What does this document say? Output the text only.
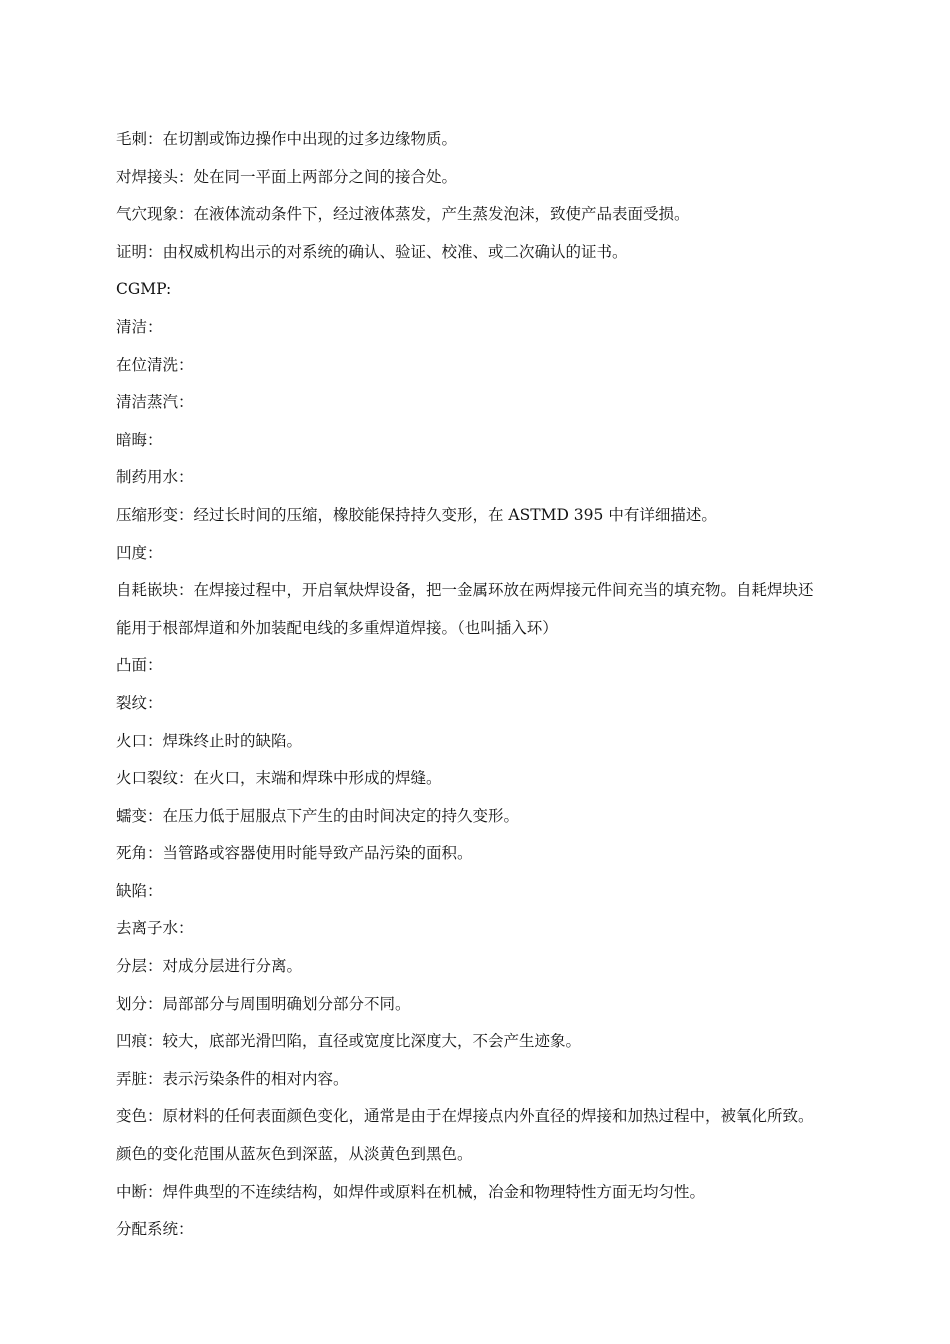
毛刺：在切割或饰边操作中出现的过多边缘物质。

对焊接头：处在同一平面上两部分之间的接合处。

气穴现象：在液体流动条件下，经过液体蒸发，产生蒸发泡沫，致使产品表面受损。

证明：由权威机构出示的对系统的确认、验证、校准、或二次确认的证书。

CGMP:

清洁：

在位清洗：

清洁蒸汽：

暗晦：

制药用水：

压缩形变：经过长时间的压缩，橡胶能保持持久变形，在 ASTMD 395 中有详细描述。

凹度：

自耗嵌块：在焊接过程中，开启氧炔焊设备，把一金属环放在两焊接元件间充当的填充物。自耗焊块还

能用于根部焊道和外加装配电线的多重焊道焊接。（也叫插入环）

凸面：

裂纹：

火口：焊珠终止时的缺陷。

火口裂纹：在火口，末端和焊珠中形成的焊缝。

蠕变：在压力低于屈服点下产生的由时间决定的持久变形。

死角：当管路或容器使用时能导致产品污染的面积。

缺陷：

去离子水：

分层：对成分层进行分离。

划分：局部部分与周围明确划分部分不同。

凹痕：较大，底部光滑凹陷，直径或宽度比深度大，不会产生迹象。

弄脏：表示污染条件的相对内容。

变色：原材料的任何表面颜色变化，通常是由于在焊接点内外直径的焊接和加热过程中，被氧化所致。

颜色的变化范围从蓝灰色到深蓝，从淡黄色到黑色。

中断：焊件典型的不连续结构，如焊件或原料在机械，冶金和物理特性方面无均匀性。

分配系统：
